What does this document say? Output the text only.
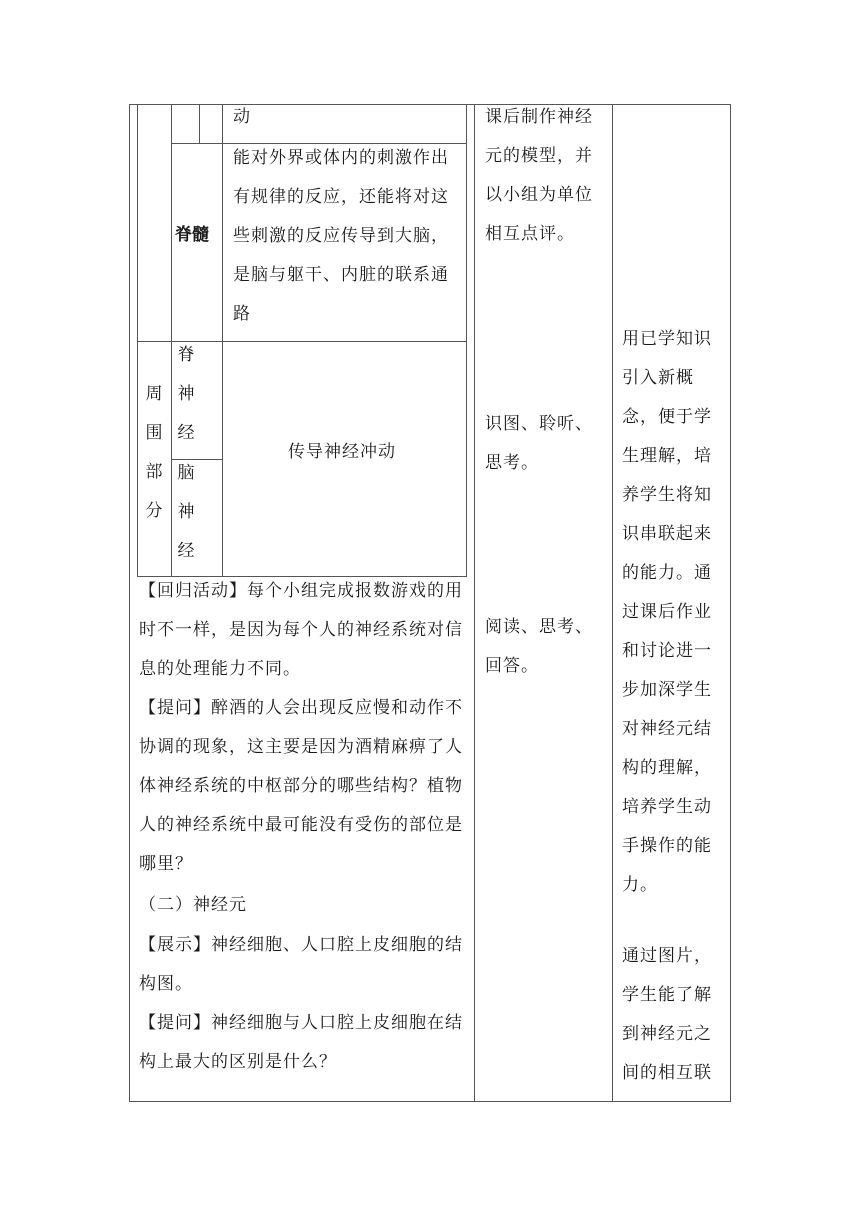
动
脊髓
能对外界或体内的刺激作出有规律的反应，还能将对这些刺激的反应传导到大脑，是脑与躯干、内脏的联系通路
周围部分
脊神经
脑神经
传导神经冲动
【回归活动】每个小组完成报数游戏的用时不一样，是因为每个人的神经系统对信息的处理能力不同。
【提问】醉酒的人会出现反应慢和动作不协调的现象，这主要是因为酒精麻痹了人体神经系统的中枢部分的哪些结构？植物人的神经系统中最可能没有受伤的部位是哪里？
（二）神经元
【展示】神经细胞、人口腔上皮细胞的结构图。
【提问】神经细胞与人口腔上皮细胞在结构上最大的区别是什么？
课后制作神经元的模型，并以小组为单位相互点评。
识图、聆听、思考。
阅读、思考、回答。
用已学知识引入新概念，便于学生理解，培养学生将知识串联起来的能力。通过课后作业和讨论进一步加深学生对神经元结构的理解，培养学生动手操作的能力。
通过图片，学生能了解到神经元之间的相互联
